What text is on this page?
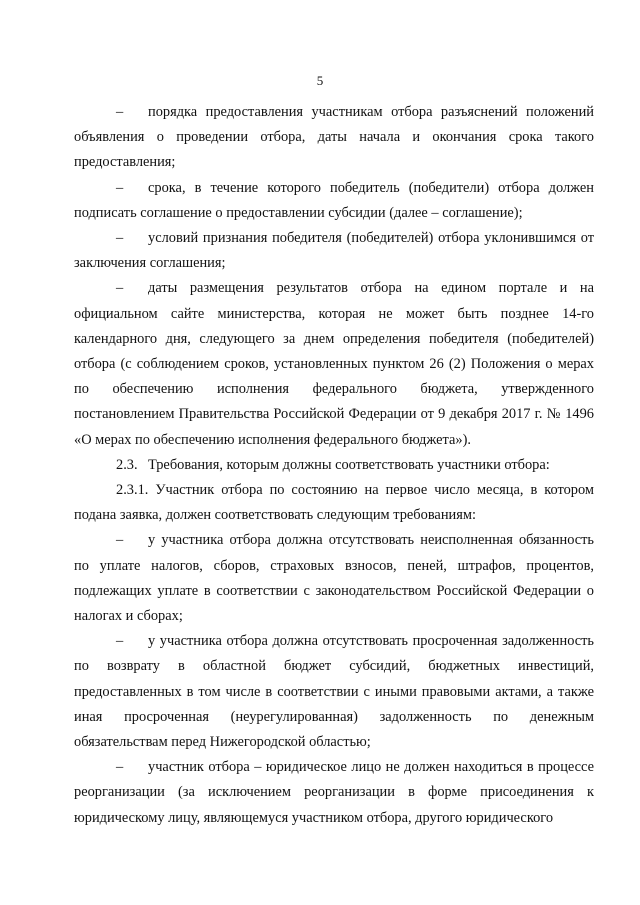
5

– порядка предоставления участникам отбора разъяснений положений объявления о проведении отбора, даты начала и окончания срока такого предоставления;

– срока, в течение которого победитель (победители) отбора должен подписать соглашение о предоставлении субсидии (далее – соглашение);

– условий признания победителя (победителей) отбора уклонившимся от заключения соглашения;

– даты размещения результатов отбора на едином портале и на официальном сайте министерства, которая не может быть позднее 14-го календарного дня, следующего за днем определения победителя (победителей) отбора (с соблюдением сроков, установленных пунктом 26 (2) Положения о мерах по обеспечению исполнения федерального бюджета, утвержденного постановлением Правительства Российской Федерации от 9 декабря 2017 г. № 1496 «О мерах по обеспечению исполнения федерального бюджета»).

2.3. Требования, которым должны соответствовать участники отбора:

2.3.1. Участник отбора по состоянию на первое число месяца, в котором подана заявка, должен соответствовать следующим требованиям:

– у участника отбора должна отсутствовать неисполненная обязанность по уплате налогов, сборов, страховых взносов, пеней, штрафов, процентов, подлежащих уплате в соответствии с законодательством Российской Федерации о налогах и сборах;

– у участника отбора должна отсутствовать просроченная задолженность по возврату в областной бюджет субсидий, бюджетных инвестиций, предоставленных в том числе в соответствии с иными правовыми актами, а также иная просроченная (неурегулированная) задолженность по денежным обязательствам перед Нижегородской областью;

– участник отбора – юридическое лицо не должен находиться в процессе реорганизации (за исключением реорганизации в форме присоединения к юридическому лицу, являющемуся участником отбора, другого юридического
